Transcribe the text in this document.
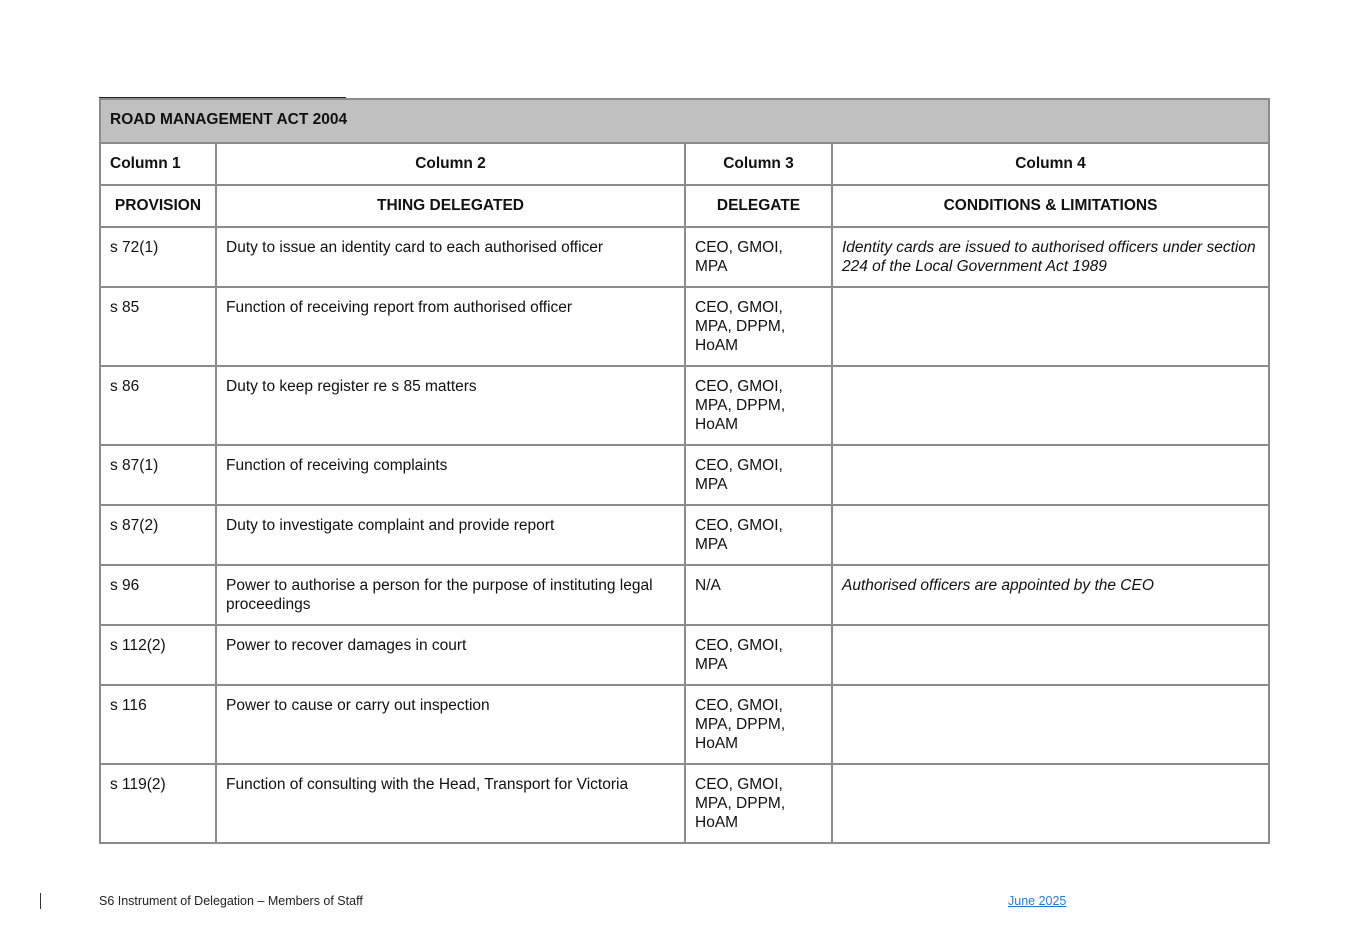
ROAD MANAGEMENT ACT 2004			
Column 1	Column 2	Column 3	Column 4
PROVISION	THING DELEGATED	DELEGATE	CONDITIONS & LIMITATIONS
s 72(1)	Duty to issue an identity card to each authorised officer	CEO, GMOI, MPA	Identity cards are issued to authorised officers under section 224 of the Local Government Act 1989
s 85	Function of receiving report from authorised officer	CEO, GMOI, MPA, DPPM, HoAM	
s 86	Duty to keep register re s 85 matters	CEO, GMOI, MPA, DPPM, HoAM	
s 87(1)	Function of receiving complaints	CEO, GMOI, MPA	
s 87(2)	Duty to investigate complaint and provide report	CEO, GMOI, MPA	
s 96	Power to authorise a person for the purpose of instituting legal proceedings	N/A	Authorised officers are appointed by the CEO
s 112(2)	Power to recover damages in court	CEO, GMOI, MPA	
s 116	Power to cause or carry out inspection	CEO, GMOI, MPA, DPPM, HoAM	
s 119(2)	Function of consulting with the Head, Transport for Victoria	CEO, GMOI, MPA, DPPM, HoAM	
S6 Instrument of Delegation – Members of Staff	June 2025
